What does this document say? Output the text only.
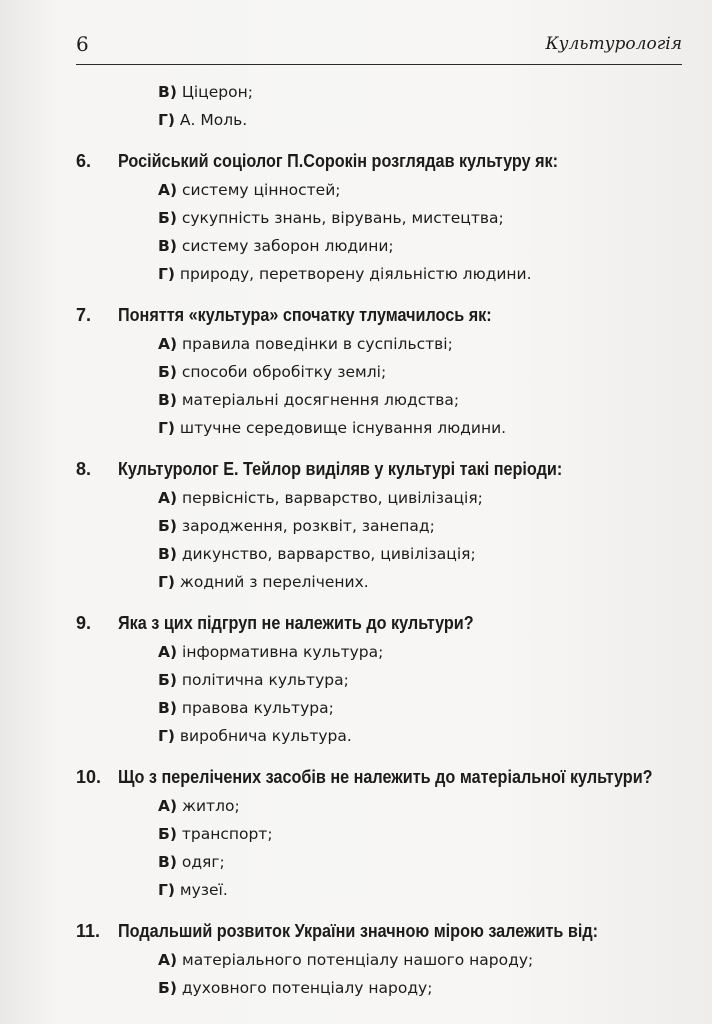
6	Культурологія
В) Ціцерон;
Г) А. Моль.
6. Російський соціолог П.Сорокін розглядав культуру як:
А) систему цінностей;
Б) сукупність знань, вірувань, мистецтва;
В) систему заборон людини;
Г) природу, перетворену діяльністю людини.
7. Поняття «культура» спочатку тлумачилось як:
А) правила поведінки в суспільстві;
Б) способи обробітку землі;
В) матеріальні досягнення людства;
Г) штучне середовище існування людини.
8. Культуролог Е. Тейлор виділяв у культурі такі періоди:
А) первісність, варварство, цивілізація;
Б) зародження, розквіт, занепад;
В) дикунство, варварство, цивілізація;
Г) жодний з перелічених.
9. Яка з цих підгруп не належить до культури?
А) інформативна культура;
Б) політична культура;
В) правова культура;
Г) виробнича культура.
10. Що з перелічених засобів не належить до матеріальної культури?
А) житло;
Б) транспорт;
В) одяг;
Г) музеї.
11. Подальший розвиток України значною мірою залежить від:
А) матеріального потенціалу нашого народу;
Б) духовного потенціалу народу;
